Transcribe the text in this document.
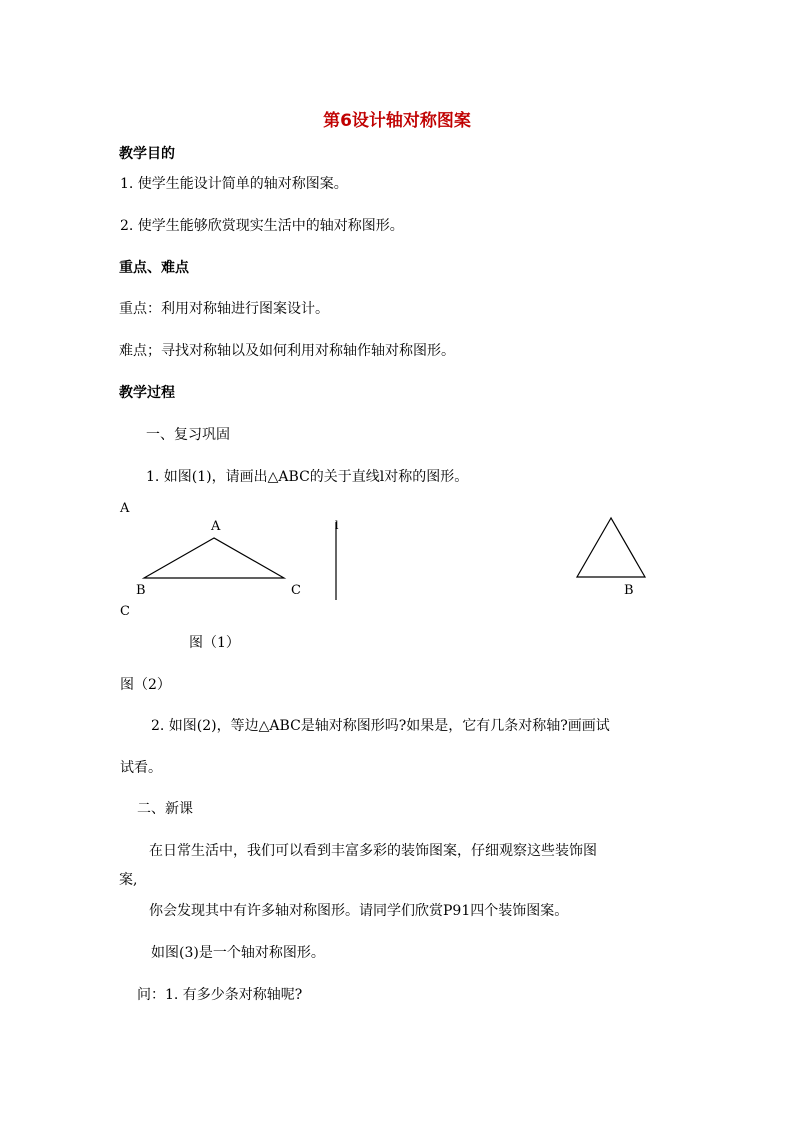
第6设计轴对称图案
教学目的
1. 使学生能设计简单的轴对称图案。
2. 使学生能够欣赏现实生活中的轴对称图形。
重点、难点
重点：利用对称轴进行图案设计。
难点；寻找对称轴以及如何利用对称轴作轴对称图形。
教学过程
一、复习巩固
1. 如图(1)，请画出△ABC的关于直线l对称的图形。
A
A	l
B	C	B
C
图（1）
图（2）
2. 如图(2)，等边△ABC是轴对称图形吗?如果是，它有几条对称轴?画画试
试看。
二、新课
在日常生活中，我们可以看到丰富多彩的装饰图案，仔细观察这些装饰图
案,
你会发现其中有许多轴对称图形。请同学们欣赏P91四个装饰图案。
如图(3)是一个轴对称图形。
问：1. 有多少条对称轴呢?
